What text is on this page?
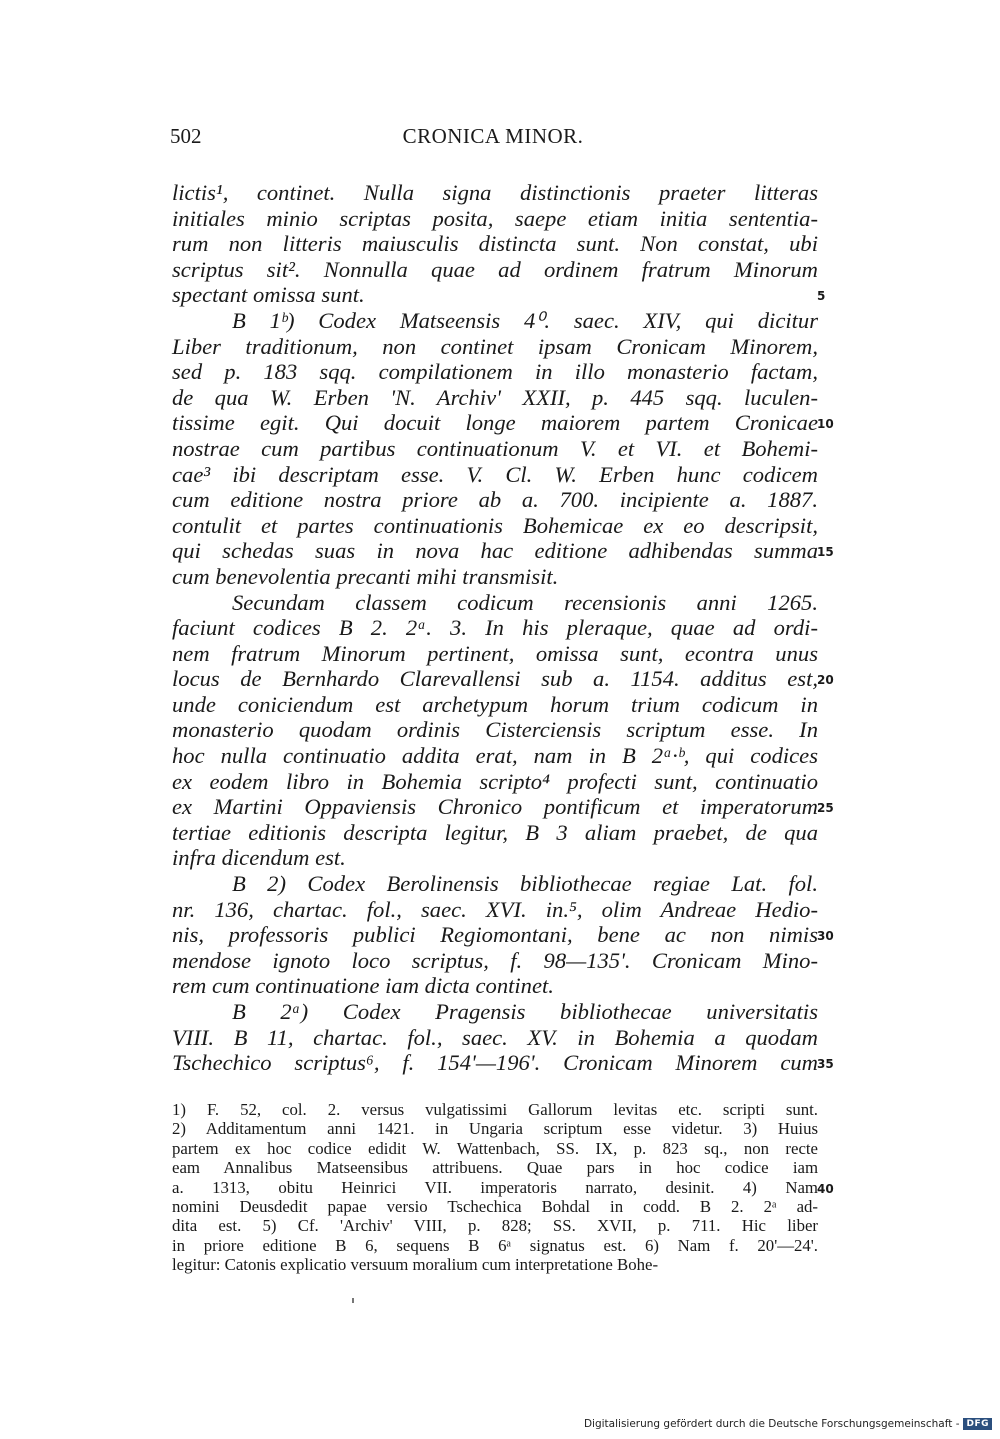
502	CRONICA MINOR.
lictis¹, continet. Nulla signa distinctionis praeter litteras
initiales minio scriptas posita, saepe etiam initia sententia-
rum non litteris maiusculis distincta sunt. Non constat, ubi
scriptus sit². Nonnulla quae ad ordinem fratrum Minorum
spectant omissa sunt.	5
B 1ᵇ) Codex Matseensis 4⁰. saec. XIV, qui dicitur
Liber traditionum, non continet ipsam Cronicam Minorem,
sed p. 183 sqq. compilationem in illo monasterio factam,
de qua W. Erben 'N. Archiv' XXII, p. 445 sqq. luculen-
tissime egit. Qui docuit longe maiorem partem Cronicae 10
nostrae cum partibus continuationum V. et VI. et Bohemi-
cae³ ibi descriptam esse. V. Cl. W. Erben hunc codicem
cum editione nostra priore ab a. 700. incipiente a. 1887.
contulit et partes continuationis Bohemicae ex eo descripsit,
qui schedas suas in nova hac editione adhibendas summa 15
cum benevolentia precanti mihi transmisit.
Secundam classem codicum recensionis anni 1265.
faciunt codices B 2. 2ᵃ. 3. In his pleraque, quae ad ordi-
nem fratrum Minorum pertinent, omissa sunt, econtra unus
locus de Bernhardo Clarevallensi sub a. 1154. additus est, 20
unde coniciendum est archetypum horum trium codicum in
monasterio quodam ordinis Cisterciensis scriptum esse. In
hoc nulla continuatio addita erat, nam in B 2ᵃ·ᵇ, qui codices
ex eodem libro in Bohemia scripto⁴ profecti sunt, continuatio
ex Martini Oppaviensis Chronico pontificum et imperatorum 25
tertiae editionis descripta legitur, B 3 aliam praebet, de qua
infra dicendum est.
B 2) Codex Berolinensis bibliothecae regiae Lat. fol.
nr. 136, chartac. fol., saec. XVI. in.⁵, olim Andreae Hedio-
nis, professoris publici Regiomontani, bene ac non nimis 30
mendose ignoto loco scriptus, f. 98—135'. Cronicam Mino-
rem cum continuatione iam dicta continet.
B 2ᵃ) Codex Pragensis bibliothecae universitatis
VIII. B 11, chartac. fol., saec. XV. in Bohemia a quodam
Tschechico scriptus⁶, f. 154'—196'. Cronicam Minorem cum 35
1) F. 52, col. 2. versus vulgatissimi Gallorum levitas etc. scripti sunt.
2) Additamentum anni 1421. in Ungaria scriptum esse videtur. 3) Huius
partem ex hoc codice edidit W. Wattenbach, SS. IX, p. 823 sq., non recte
eam Annalibus Matseensibus attribuens. Quae pars in hoc codice iam
a. 1313, obitu Heinrici VII. imperatoris narrato, desinit. 4) Nam 40
nomini Deusdedit papae versio Tschechica Bohdal in codd. B 2. 2ᵃ ad-
dita est. 5) Cf. 'Archiv' VIII, p. 828; SS. XVII, p. 711. Hic liber
in priore editione B 6, sequens B 6ᵃ signatus est. 6) Nam f. 20'—24'.
legitur: Catonis explicatio versuum moralium cum interpretatione Bohe-
Digitalisierung gefördert durch die Deutsche Forschungsgemeinschaft - DFG
